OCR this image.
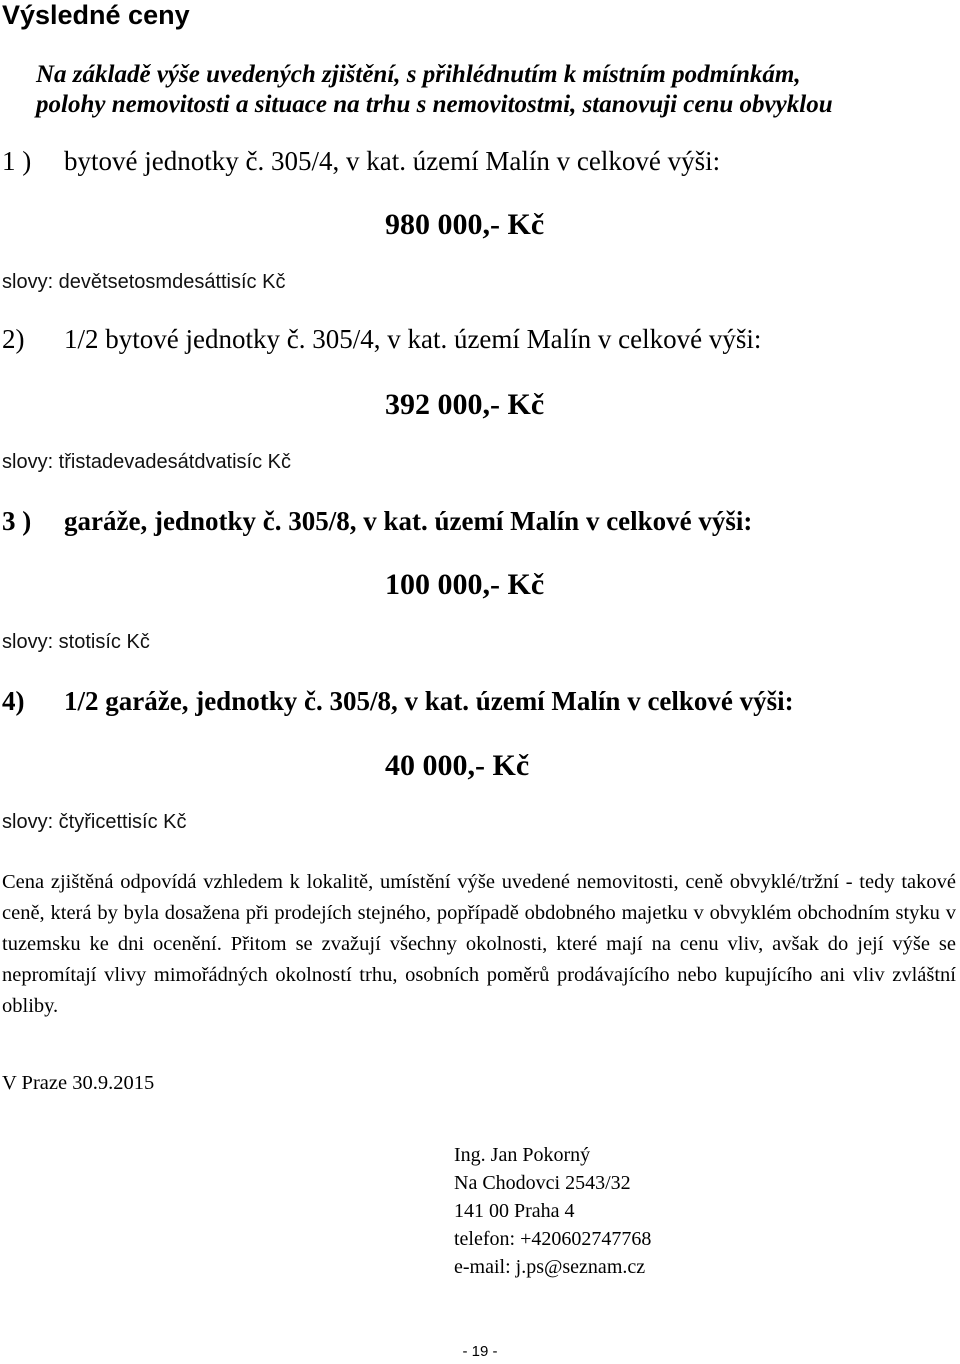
Výsledné ceny

Na základě výše uvedených zjištění, s přihlédnutím k místním podmínkám,

polohy nemovitosti a situace na trhu s nemovitostmi, stanovuji cenu obvyklou

1 ) bytové jednotky č. 305/4, v kat. území Malín v celkové výši:
980 000,- Kč
slovy: devětsetosmdesáttisíc Kč
2) 1/2 bytové jednotky č. 305/4, v kat. území Malín v celkové výši:
392 000,- Kč
slovy: třistadevadesátdvatisíc Kč
3 ) garáže, jednotky č. 305/8, v kat. území Malín v celkové výši:
100 000,- Kč
slovy: stotisíc Kč
4) 1/2 garáže, jednotky č. 305/8, v kat. území Malín v celkové výši:
40 000,- Kč
slovy: čtyřicettisíc Kč

Cena zjištěná odpovídá vzhledem k lokalitě, umístění výše uvedené nemovitosti, ceně obvyklé/tržní - tedy takové ceně, která by byla dosažena při prodejích stejného, popřípadě obdobného majetku v obvyklém obchodním styku v tuzemsku ke dni ocenění. Přitom se zvažují všechny okolnosti, které mají na cenu vliv, avšak do její výše se nepromítají vlivy mimořádných okolností trhu, osobních poměrů prodávajícího nebo kupujícího ani vliv zvláštní obliby.

V Praze 30.9.2015
Ing. Jan Pokorný
Na Chodovci 2543/32
141 00 Praha 4
telefon: +420602747768
e-mail: j.ps@seznam.cz
- 19 -
